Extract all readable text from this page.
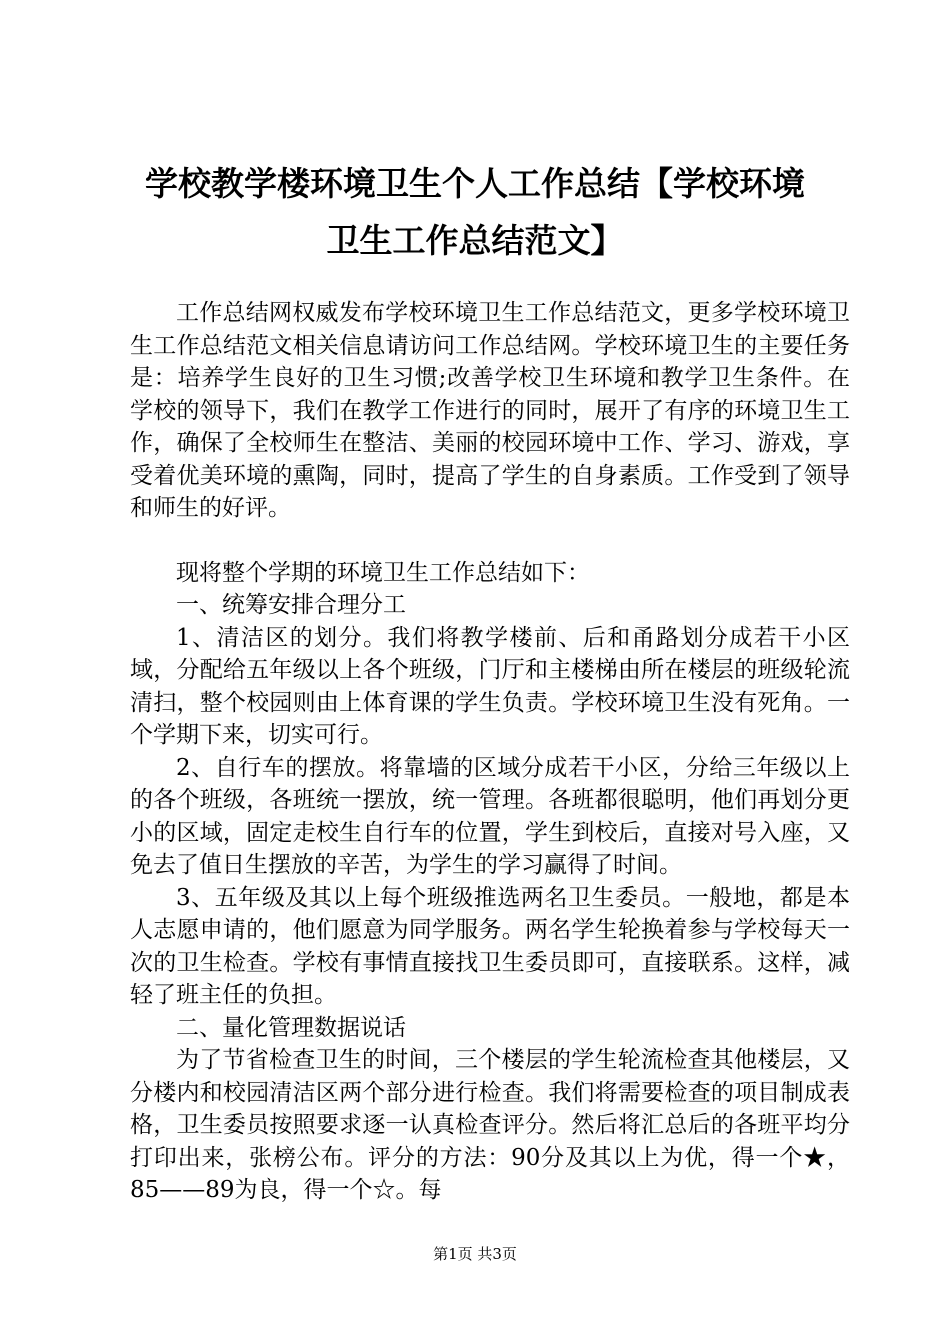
学校教学楼环境卫生个人工作总结【学校环境
卫生工作总结范文】

工作总结网权威发布学校环境卫生工作总结范文，更多学校环境卫生工作总结范文相关信息请访问工作总结网。学校环境卫生的主要任务是：培养学生良好的卫生习惯;改善学校卫生环境和教学卫生条件。在学校的领导下，我们在教学工作进行的同时，展开了有序的环境卫生工作，确保了全校师生在整洁、美丽的校园环境中工作、学习、游戏，享受着优美环境的熏陶，同时，提高了学生的自身素质。工作受到了领导和师生的好评。

现将整个学期的环境卫生工作总结如下：

一、统筹安排合理分工

1、清洁区的划分。我们将教学楼前、后和甬路划分成若干小区域，分配给五年级以上各个班级，门厅和主楼梯由所在楼层的班级轮流清扫，整个校园则由上体育课的学生负责。学校环境卫生没有死角。一个学期下来，切实可行。

2、自行车的摆放。将靠墙的区域分成若干小区，分给三年级以上的各个班级，各班统一摆放，统一管理。各班都很聪明，他们再划分更小的区域，固定走校生自行车的位置，学生到校后，直接对号入座，又免去了值日生摆放的辛苦，为学生的学习赢得了时间。

3、五年级及其以上每个班级推选两名卫生委员。一般地，都是本人志愿申请的，他们愿意为同学服务。两名学生轮换着参与学校每天一次的卫生检查。学校有事情直接找卫生委员即可，直接联系。这样，减轻了班主任的负担。

二、量化管理数据说话

为了节省检查卫生的时间，三个楼层的学生轮流检查其他楼层，又分楼内和校园清洁区两个部分进行检查。我们将需要检查的项目制成表格，卫生委员按照要求逐一认真检查评分。然后将汇总后的各班平均分打印出来，张榜公布。评分的方法：90分及其以上为优，得一个★，85——89为良，得一个☆。每

第1页 共3页
